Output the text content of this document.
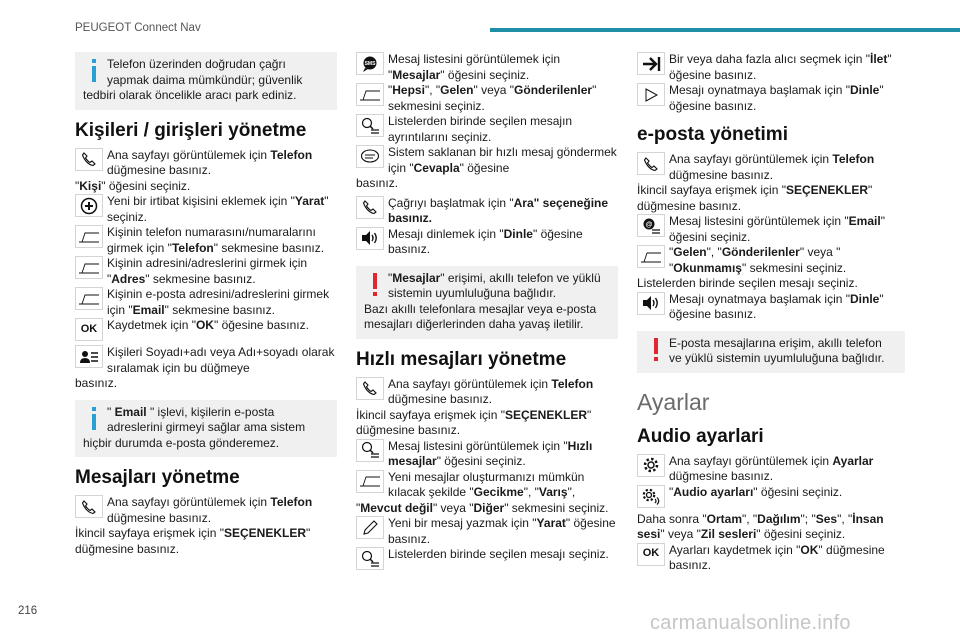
PEUGEOT Connect Nav
Telefon üzerinden doğrudan çağrı
yapmak daima mümkündür; güvenlik
tedbiri olarak öncelikle aracı park ediniz.
Kişileri / girişleri yönetme
Ana sayfayı görüntülemek için Telefon
düğmesine basınız.
"Kişi" öğesini seçiniz.
Yeni bir irtibat kişisini eklemek için "Yarat" seçiniz.
Kişinin telefon numarasını/numaralarını girmek için "Telefon" sekmesine basınız.
Kişinin adresini/adreslerini girmek için "Adres" sekmesine basınız.
Kişinin e-posta adresini/adreslerini girmek için "Email" sekmesine basınız.
OK Kaydetmek için "OK" öğesine basınız.
Kişileri Soyadı+adı veya Adı+soyadı olarak sıralamak için bu düğmeye
basınız.
" Email " işlevi, kişilerin e-posta
adreslerini girmeyi sağlar ama sistem
hiçbir durumda e-posta gönderemez.
Mesajları yönetme
Ana sayfayı görüntülemek için Telefon
düğmesine basınız.
İkincil sayfaya erişmek için "SEÇENEKLER"
düğmesine basınız.
SMS Mesaj listesini görüntülemek için "Mesajlar" öğesini seçiniz.
"Hepsi", "Gelen" veya "Gönderilenler" sekmesini seçiniz.
Listelerden birinde seçilen mesajın ayrıntılarını seçiniz.
Sistem saklanan bir hızlı mesaj göndermek için "Cevapla" öğesine
basınız.
Çağrıyı başlatmak için "Ara" seçeneğine basınız.
Mesajı dinlemek için "Dinle" öğesine basınız.
"Mesajlar" erişimi, akıllı telefon ve yüklü
sistemin uyumluluğuna bağlıdır.
Bazı akıllı telefonlara mesajlar veya e-posta
mesajları diğerlerinden daha yavaş iletilir.
Hızlı mesajları yönetme
Ana sayfayı görüntülemek için Telefon
düğmesine basınız.
İkincil sayfaya erişmek için "SEÇENEKLER"
düğmesine basınız.
Mesaj listesini görüntülemek için "Hızlı mesajlar" öğesini seçiniz.
Yeni mesajlar oluşturmanızı mümkün kılacak şekilde "Gecikme", "Varış",
"Mevcut değil" veya "Diğer" sekmesini seçiniz.
Yeni bir mesaj yazmak için "Yarat" öğesine basınız.
Listelerden birinde seçilen mesajı seçiniz.
Bir veya daha fazla alıcı seçmek için "İlet" öğesine basınız.
Mesajı oynatmaya başlamak için "Dinle" öğesine basınız.
e-posta yönetimi
Ana sayfayı görüntülemek için Telefon
düğmesine basınız.
İkincil sayfaya erişmek için "SEÇENEKLER"
düğmesine basınız.
@ Mesaj listesini görüntülemek için "Email" öğesini seçiniz.
"Gelen", "Gönderilenler" veya "
"Okunmamış" sekmesini seçiniz.
Listelerden birinde seçilen mesajı seçiniz.
Mesajı oynatmaya başlamak için "Dinle" öğesine basınız.
E-posta mesajlarına erişim, akıllı telefon
ve yüklü sistemin uyumluluğuna bağlıdır.
Ayarlar
Audio ayarlari
Ana sayfayı görüntülemek için Ayarlar
düğmesine basınız.
"Audio ayarları" öğesini seçiniz.
Daha sonra "Ortam", "Dağılım"; "Ses", "İnsan
sesi" veya "Zil sesleri" öğesini seçiniz.
OK Ayarları kaydetmek için "OK" düğmesine basınız.
216
carmanualsonline.info
